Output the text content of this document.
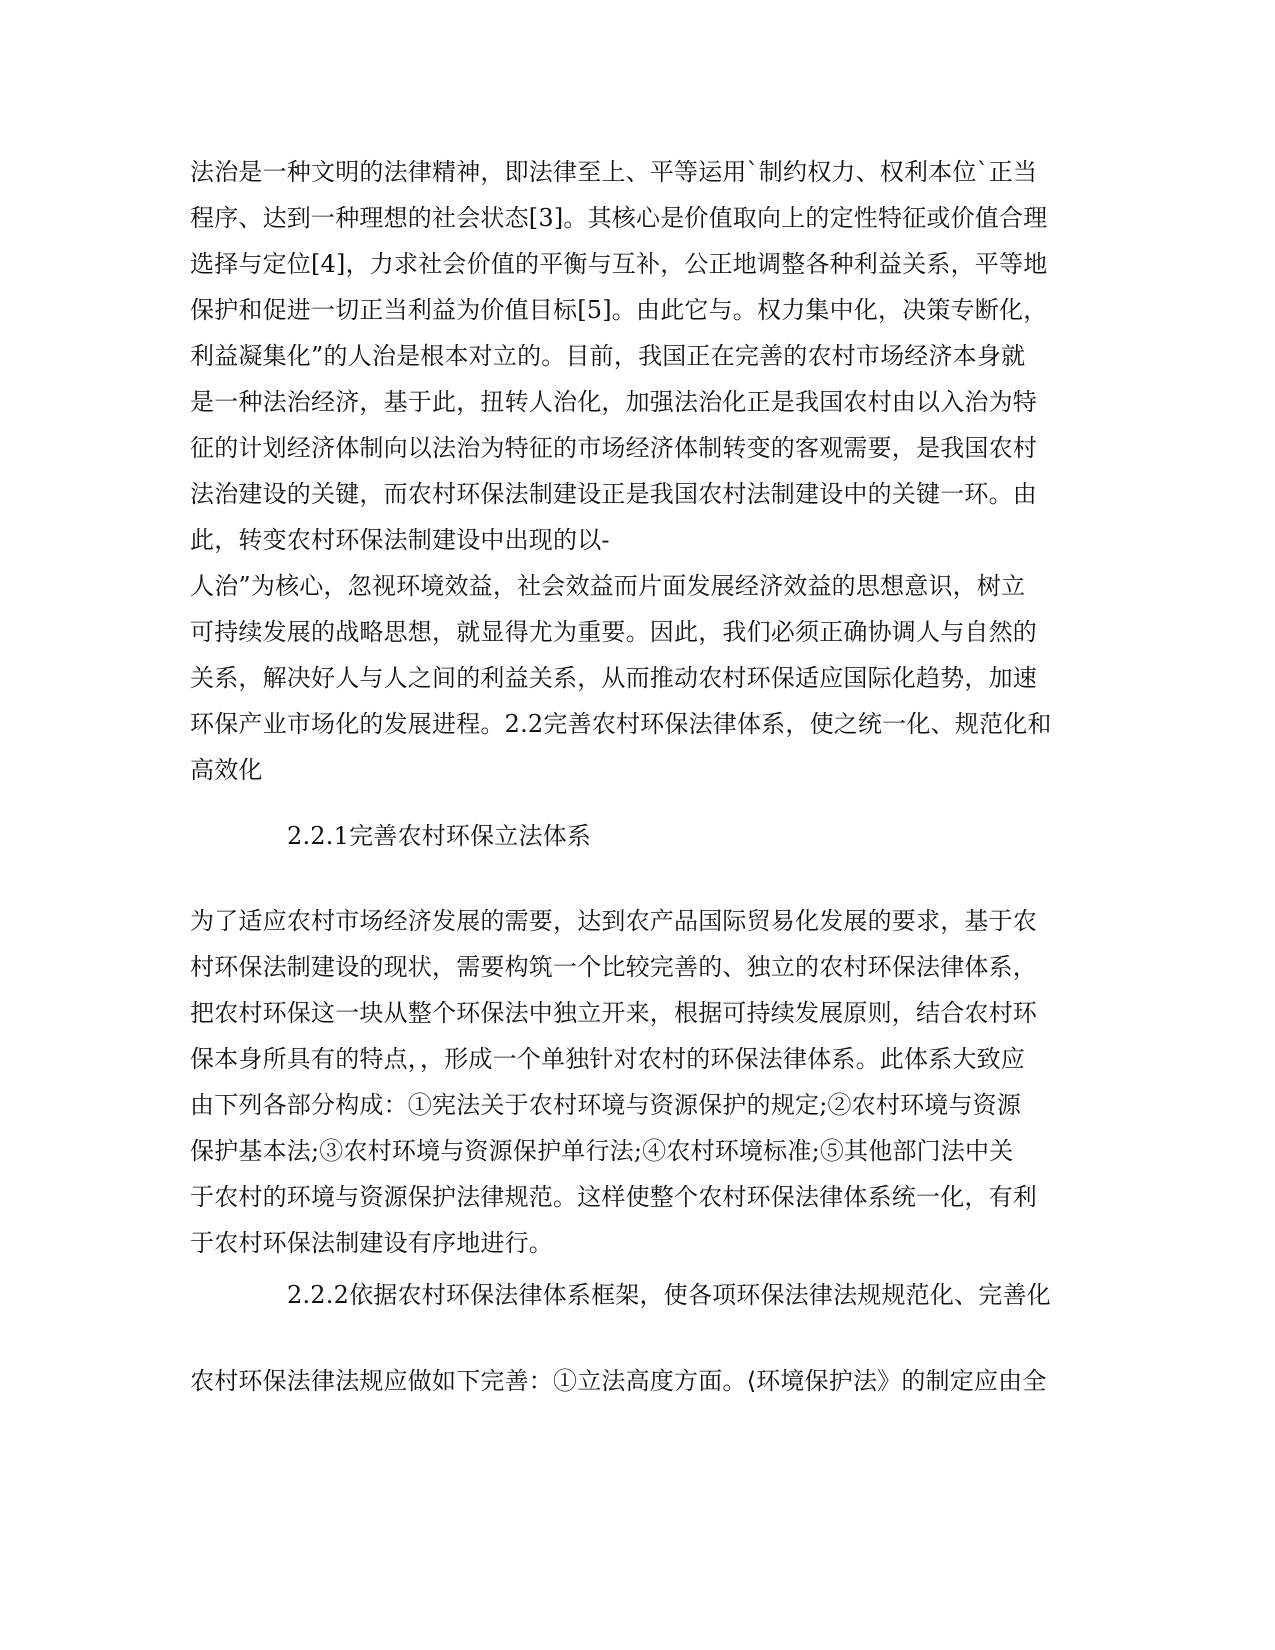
法治是一种文明的法律精神，即法律至上、平等运用`制约权力、权利本位`正当
程序、达到一种理想的社会状态[3]。其核心是价值取向上的定性特征或价值合理
选择与定位[4]，力求社会价值的平衡与互补，公正地调整各种利益关系，平等地
保护和促进一切正当利益为价值目标[5]。由此它与。权力集中化，决策专断化，
利益凝集化”的人治是根本对立的。目前，我国正在完善的农村市场经济本身就
是一种法治经济，基于此，扭转人治化，加强法治化正是我国农村由以入治为特
征的计划经济体制向以法治为特征的市场经济体制转变的客观需要，是我国农村
法治建设的关键，而农村环保法制建设正是我国农村法制建设中的关键一环。由
此，转变农村环保法制建设中出现的以-
人治”为核心，忽视环境效益，社会效益而片面发展经济效益的思想意识，树立
可持续发展的战略思想，就显得尤为重要。因此，我们必须正确协调人与自然的
关系，解决好人与人之间的利益关系，从而推动农村环保适应国际化趋势，加速
环保产业市场化的发展进程。2.2完善农村环保法律体系，使之统一化、规范化和
高效化
2.2.1完善农村环保立法体系
为了适应农村市场经济发展的需要，达到农产品国际贸易化发展的要求，基于农
村环保法制建设的现状，需要构筑一个比较完善的、独立的农村环保法律体系，
把农村环保这一块从整个环保法中独立开来，根据可持续发展原则，结合农村环
保本身所具有的特点，，形成一个单独针对农村的环保法律体系。此体系大致应
由下列各部分构成：①宪法关于农村环境与资源保护的规定;②农村环境与资源
保护基本法;③农村环境与资源保护单行法;④农村环境标准;⑤其他部门法中关
于农村的环境与资源保护法律规范。这样使整个农村环保法律体系统一化，有利
于农村环保法制建设有序地进行。
2.2.2依据农村环保法律体系框架，使各项环保法律法规规范化、完善化
农村环保法律法规应做如下完善：①立法高度方面。⟨环境保护法》的制定应由全
